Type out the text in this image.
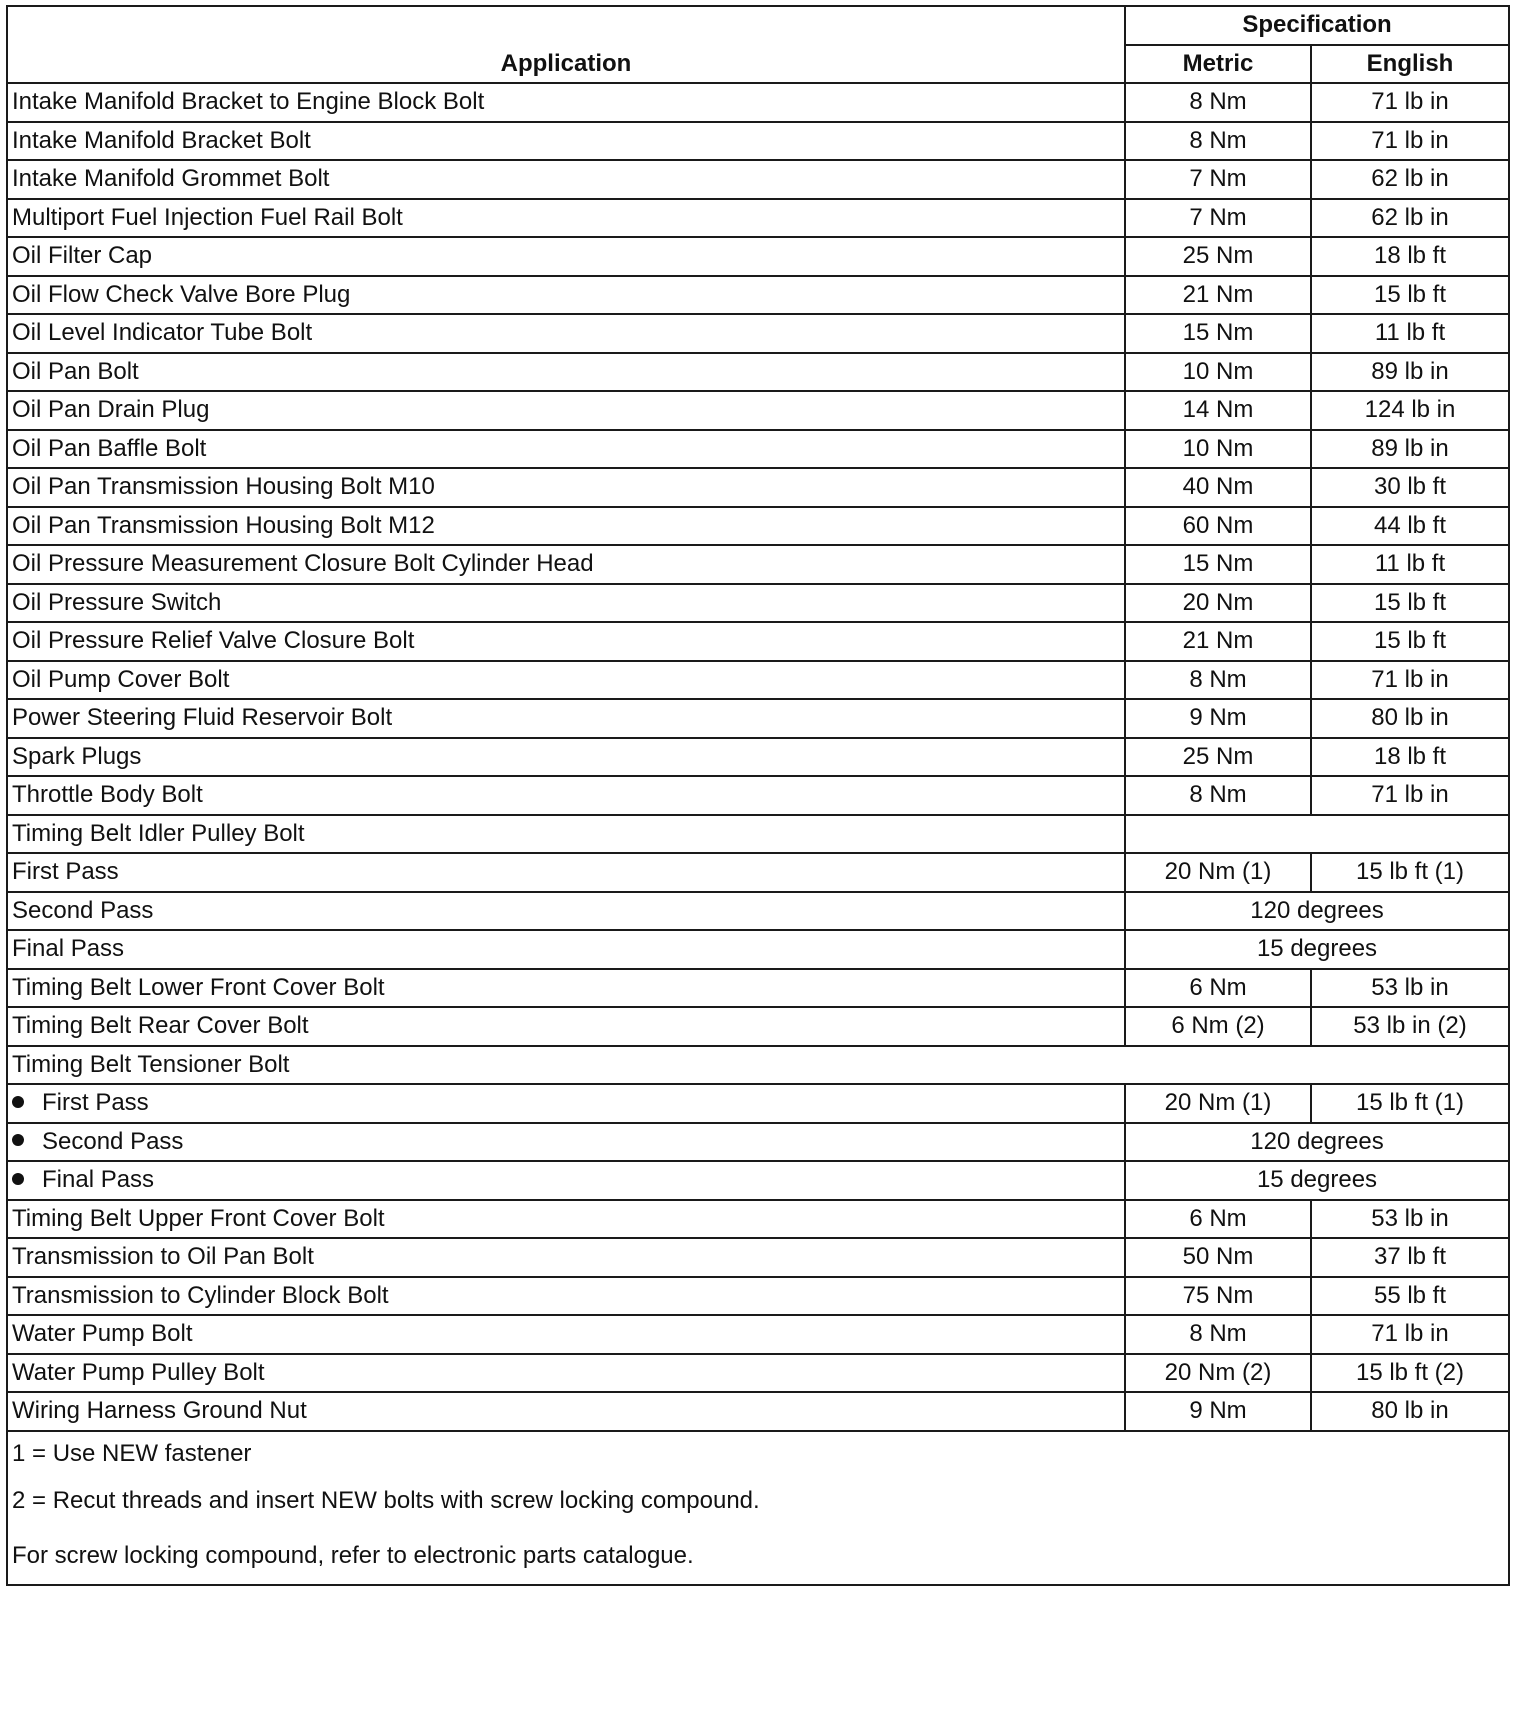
Application	Specification	
	Metric	English
Intake Manifold Bracket to Engine Block Bolt	8 Nm	71 lb in
Intake Manifold Bracket Bolt	8 Nm	71 lb in
Intake Manifold Grommet Bolt	7 Nm	62 lb in
Multiport Fuel Injection Fuel Rail Bolt	7 Nm	62 lb in
Oil Filter Cap	25 Nm	18 lb ft
Oil Flow Check Valve Bore Plug	21 Nm	15 lb ft
Oil Level Indicator Tube Bolt	15 Nm	11 lb ft
Oil Pan Bolt	10 Nm	89 lb in
Oil Pan Drain Plug	14 Nm	124 lb in
Oil Pan Baffle Bolt	10 Nm	89 lb in
Oil Pan Transmission Housing Bolt M10	40 Nm	30 lb ft
Oil Pan Transmission Housing Bolt M12	60 Nm	44 lb ft
Oil Pressure Measurement Closure Bolt Cylinder Head	15 Nm	11 lb ft
Oil Pressure Switch	20 Nm	15 lb ft
Oil Pressure Relief Valve Closure Bolt	21 Nm	15 lb ft
Oil Pump Cover Bolt	8 Nm	71 lb in
Power Steering Fluid Reservoir Bolt	9 Nm	80 lb in
Spark Plugs	25 Nm	18 lb ft
Throttle Body Bolt	8 Nm	71 lb in
Timing Belt Idler Pulley Bolt		
First Pass	20 Nm (1)	15 lb ft (1)
Second Pass	120 degrees	
Final Pass	15 degrees	
Timing Belt Lower Front Cover Bolt	6 Nm	53 lb in
Timing Belt Rear Cover Bolt	6 Nm (2)	53 lb in (2)
Timing Belt Tensioner Bolt		
First Pass	20 Nm (1)	15 lb ft (1)
Second Pass	120 degrees	
Final Pass	15 degrees	
Timing Belt Upper Front Cover Bolt	6 Nm	53 lb in
Transmission to Oil Pan Bolt	50 Nm	37 lb ft
Transmission to Cylinder Block Bolt	75 Nm	55 lb ft
Water Pump Bolt	8 Nm	71 lb in
Water Pump Pulley Bolt	20 Nm (2)	15 lb ft (2)
Wiring Harness Ground Nut	9 Nm	80 lb in
1 = Use NEW fastener		
2 = Recut threads and insert NEW bolts with screw locking compound.		
For screw locking compound, refer to electronic parts catalogue.		
